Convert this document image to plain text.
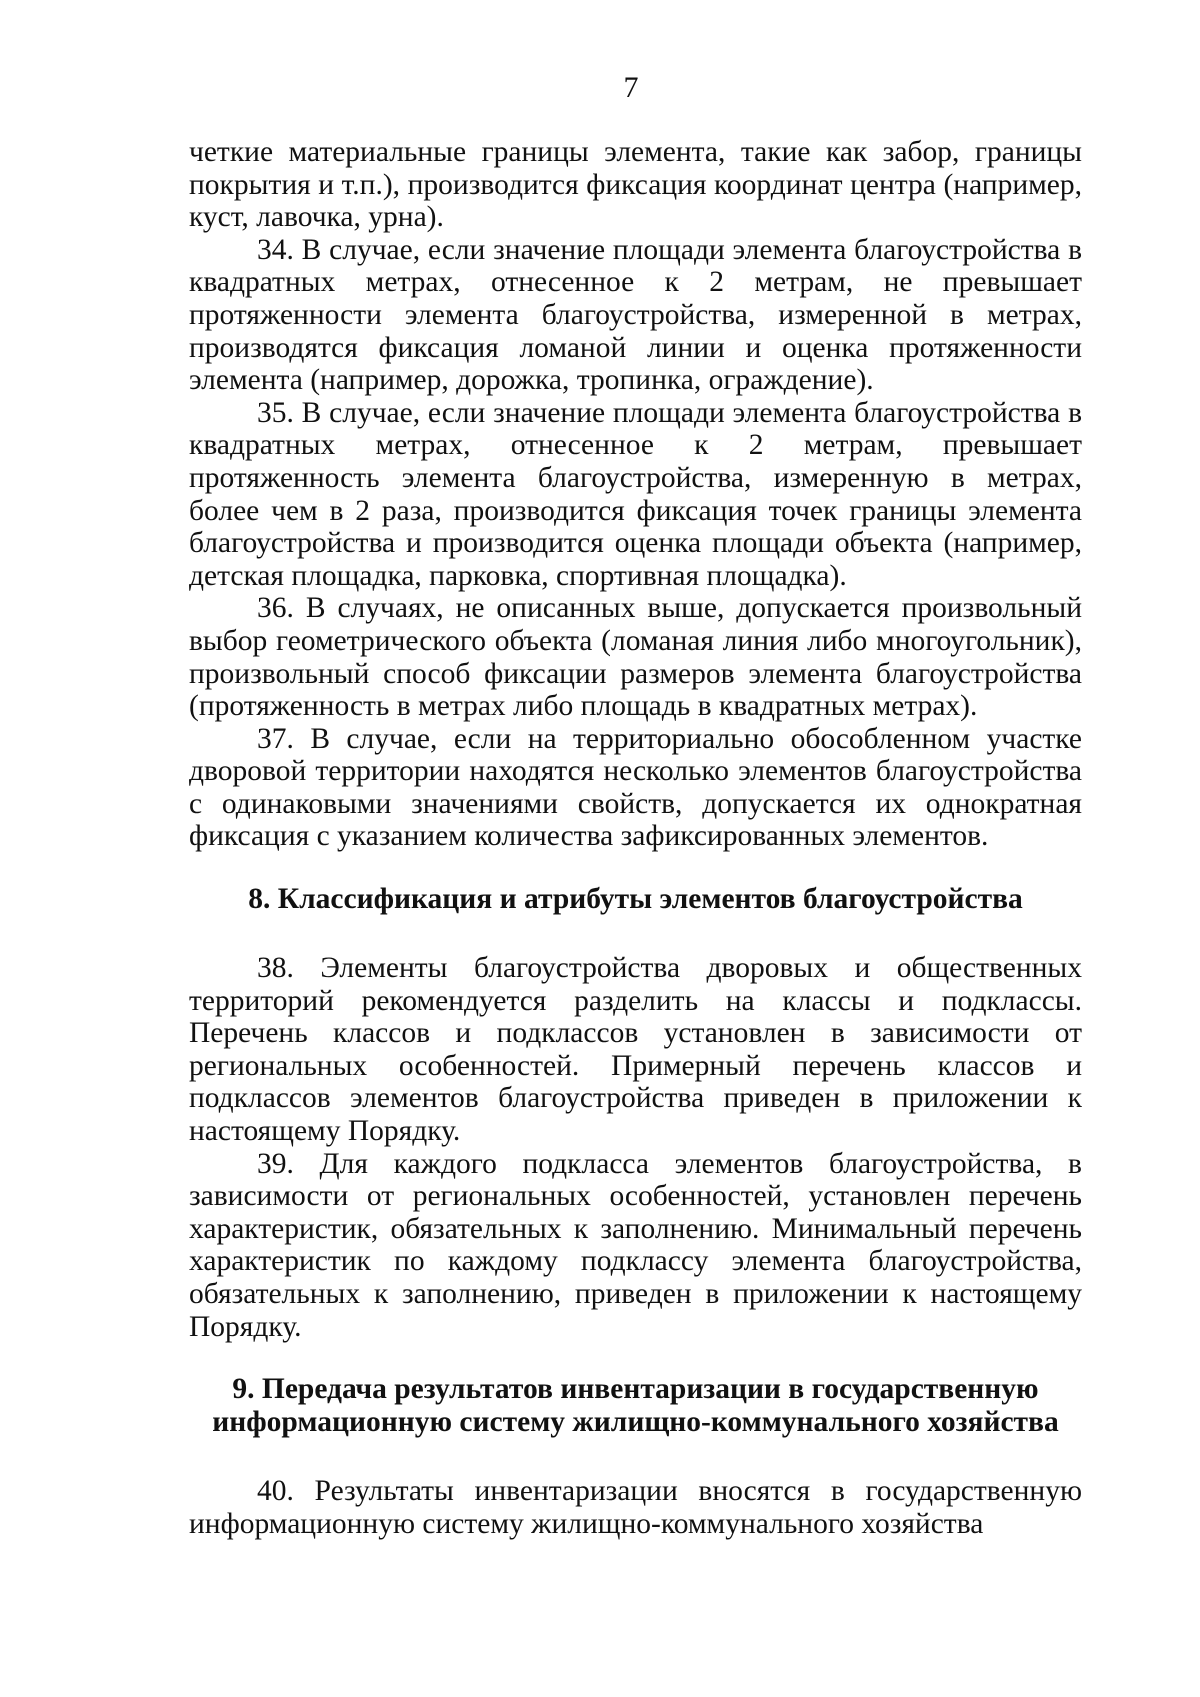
7

четкие материальные границы элемента, такие как забор, границы покрытия и т.п.), производится фиксация координат центра (например, куст, лавочка, урна).

34. В случае, если значение площади элемента благоустройства в квадратных метрах, отнесенное к 2 метрам, не превышает протяженности элемента благоустройства, измеренной в метрах, производятся фиксация ломаной линии и оценка протяженности элемента (например, дорожка, тропинка, ограждение).

35. В случае, если значение площади элемента благоустройства в квадратных метрах, отнесенное к 2 метрам, превышает протяженность элемента благоустройства, измеренную в метрах, более чем в 2 раза, производится фиксация точек границы элемента благоустройства и производится оценка площади объекта (например, детская площадка, парковка, спортивная площадка).

36. В случаях, не описанных выше, допускается произвольный выбор геометрического объекта (ломаная линия либо многоугольник), произвольный способ фиксации размеров элемента благоустройства (протяженность в метрах либо площадь в квадратных метрах).

37. В случае, если на территориально обособленном участке дворовой территории находятся несколько элементов благоустройства с одинаковыми значениями свойств, допускается их однократная фиксация с указанием количества зафиксированных элементов.

8. Классификация и атрибуты элементов благоустройства

38. Элементы благоустройства дворовых и общественных территорий рекомендуется разделить на классы и подклассы. Перечень классов и подклассов установлен в зависимости от региональных особенностей. Примерный перечень классов и подклассов элементов благоустройства приведен в приложении к настоящему Порядку.

39. Для каждого подкласса элементов благоустройства, в зависимости от региональных особенностей, установлен перечень характеристик, обязательных к заполнению. Минимальный перечень характеристик по каждому подклассу элемента благоустройства, обязательных к заполнению, приведен в приложении к настоящему Порядку.

9. Передача результатов инвентаризации в государственную
информационную систему жилищно-коммунального хозяйства

40. Результаты инвентаризации вносятся в государственную информационную систему жилищно-коммунального хозяйства
